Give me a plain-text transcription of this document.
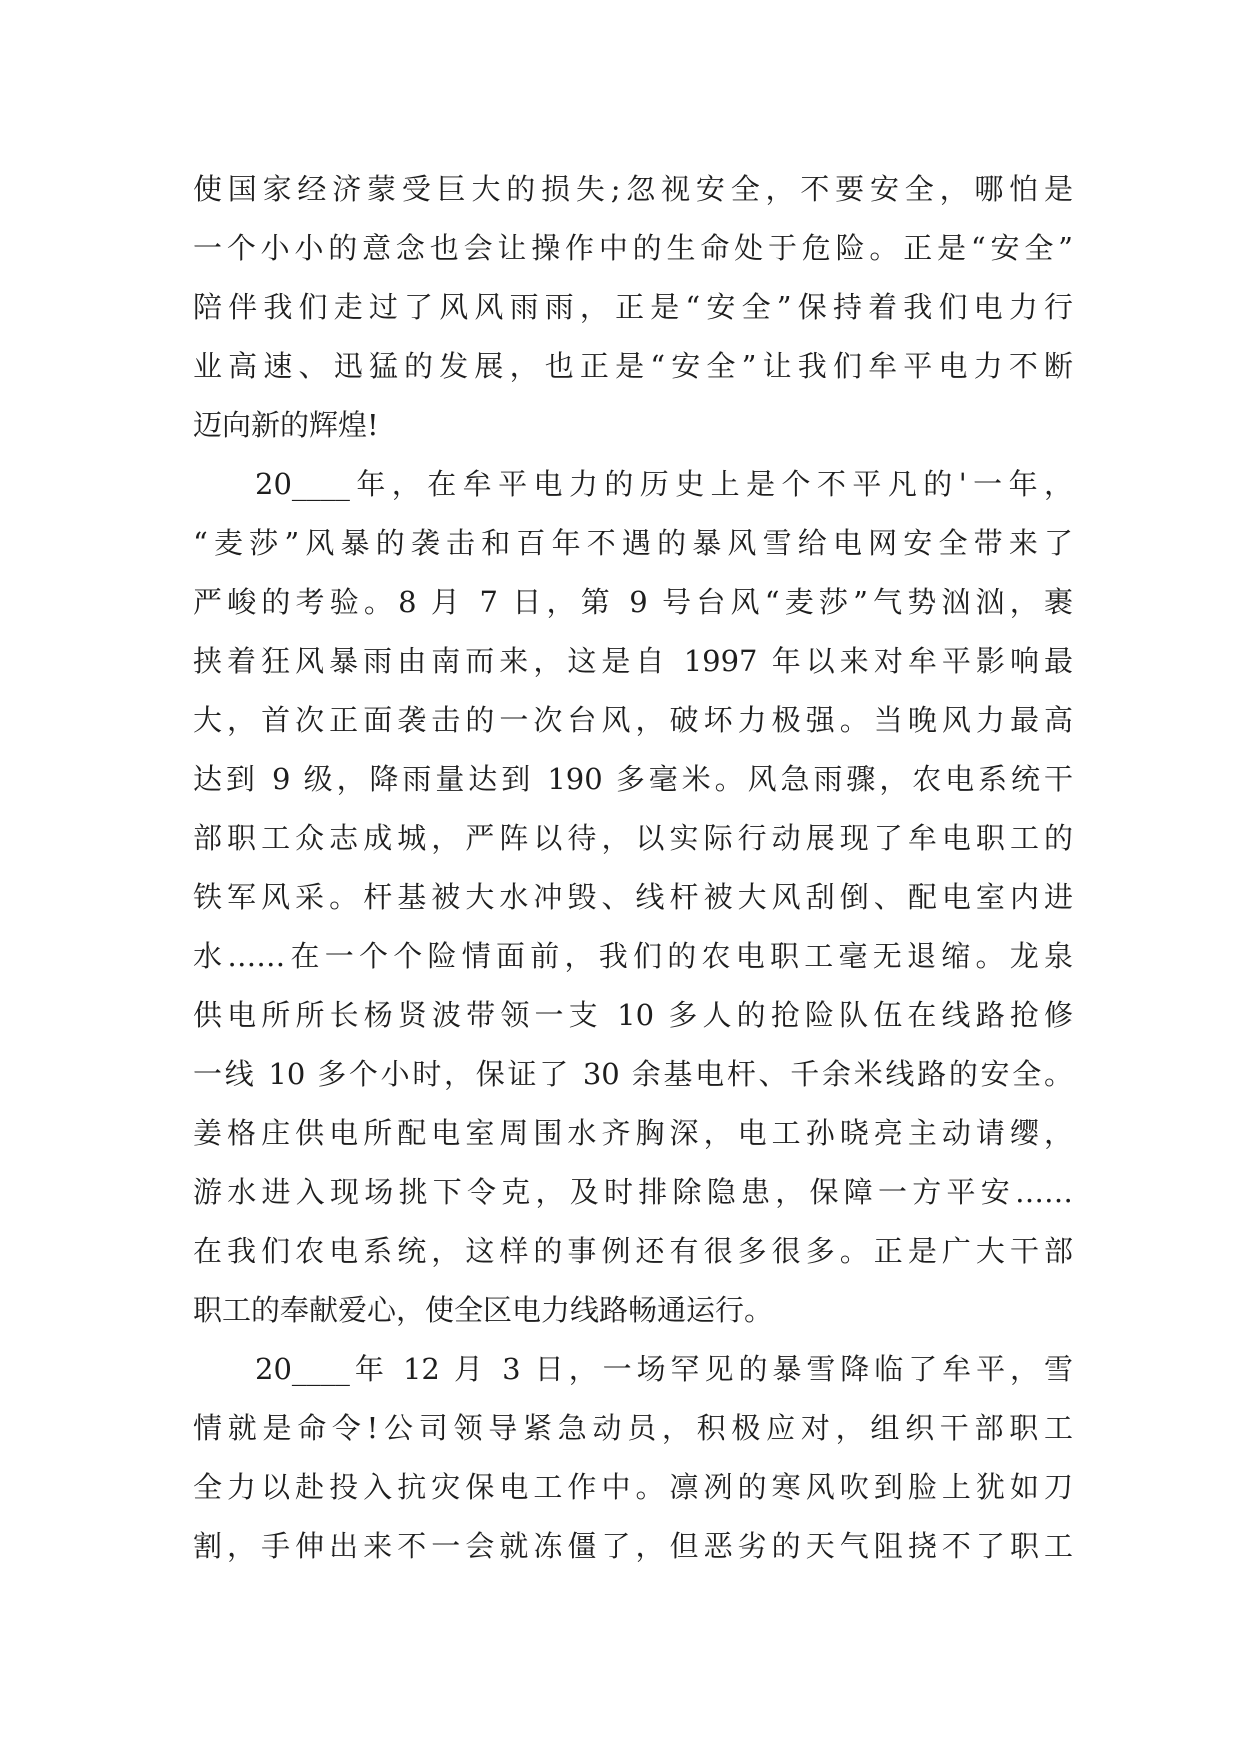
使国家经济蒙受巨大的损失;忽视安全，不要安全，哪怕是
一个小小的意念也会让操作中的生命处于危险。正是“安全”
陪伴我们走过了风风雨雨，正是“安全”保持着我们电力行
业高速、迅猛的发展，也正是“安全”让我们牟平电力不断
迈向新的辉煌!
20____年，在牟平电力的历史上是个不平凡的'一年，
“麦莎”风暴的袭击和百年不遇的暴风雪给电网安全带来了
严峻的考验。8 月 7 日，第 9 号台风“麦莎”气势汹汹，裹
挟着狂风暴雨由南而来，这是自 1997 年以来对牟平影响最
大，首次正面袭击的一次台风，破坏力极强。当晚风力最高
达到 9 级，降雨量达到 190 多毫米。风急雨骤，农电系统干
部职工众志成城，严阵以待，以实际行动展现了牟电职工的
铁军风采。杆基被大水冲毁、线杆被大风刮倒、配电室内进
水……在一个个险情面前，我们的农电职工毫无退缩。龙泉
供电所所长杨贤波带领一支 10 多人的抢险队伍在线路抢修
一线 10 多个小时，保证了 30 余基电杆、千余米线路的安全。
姜格庄供电所配电室周围水齐胸深，电工孙晓亮主动请缨，
游水进入现场挑下令克，及时排除隐患，保障一方平安……
在我们农电系统，这样的事例还有很多很多。正是广大干部
职工的奉献爱心，使全区电力线路畅通运行。
20____年 12 月 3 日，一场罕见的暴雪降临了牟平，雪
情就是命令!公司领导紧急动员，积极应对，组织干部职工
全力以赴投入抗灾保电工作中。凛冽的寒风吹到脸上犹如刀
割，手伸出来不一会就冻僵了，但恶劣的天气阻挠不了职工
